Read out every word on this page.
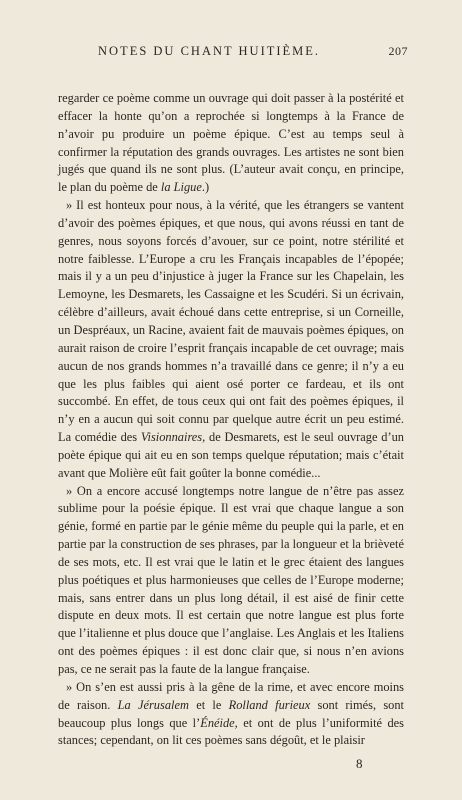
NOTES DU CHANT HUITIÈME.	207

regarder ce poème comme un ouvrage qui doit passer à la postérité et effacer la honte qu’on a reprochée si longtemps à la France de n’avoir pu produire un poème épique. C’est au temps seul à confirmer la réputation des grands ouvrages. Les artistes ne sont bien jugés que quand ils ne sont plus. (L’auteur avait conçu, en principe, le plan du poème de la Ligue.)

» Il est honteux pour nous, à la vérité, que les étrangers se vantent d’avoir des poèmes épiques, et que nous, qui avons réussi en tant de genres, nous soyons forcés d’avouer, sur ce point, notre stérilité et notre faiblesse. L’Europe a cru les Français incapables de l’épopée; mais il y a un peu d’injustice à juger la France sur les Chapelain, les Lemoyne, les Desmarets, les Cassaigne et les Scudéri. Si un écrivain, célèbre d’ailleurs, avait échoué dans cette entreprise, si un Corneille, un Despréaux, un Racine, avaient fait de mauvais poèmes épiques, on aurait raison de croire l’esprit français incapable de cet ouvrage; mais aucun de nos grands hommes n’a travaillé dans ce genre; il n’y a eu que les plus faibles qui aient osé porter ce fardeau, et ils ont succombé. En effet, de tous ceux qui ont fait des poèmes épiques, il n’y en a aucun qui soit connu par quelque autre écrit un peu estimé. La comédie des Visionnaires, de Desmarets, est le seul ouvrage d’un poète épique qui ait eu en son temps quelque réputation; mais c’était avant que Molière eût fait goûter la bonne comédie...

» On a encore accusé longtemps notre langue de n’être pas assez sublime pour la poésie épique. Il est vrai que chaque langue a son génie, formé en partie par le génie même du peuple qui la parle, et en partie par la construction de ses phrases, par la longueur et la brièveté de ses mots, etc. Il est vrai que le latin et le grec étaient des langues plus poétiques et plus harmonieuses que celles de l’Europe moderne; mais, sans entrer dans un plus long détail, il est aisé de finir cette dispute en deux mots. Il est certain que notre langue est plus forte que l’italienne et plus douce que l’anglaise. Les Anglais et les Italiens ont des poèmes épiques : il est donc clair que, si nous n’en avions pas, ce ne serait pas la faute de la langue française.

» On s’en est aussi pris à la gêne de la rime, et avec encore moins de raison. La Jérusalem et le Rolland furieux sont rimés, sont beaucoup plus longs que l’Énéide, et ont de plus l’uniformité des stances; cependant, on lit ces poèmes sans dégoût, et le plaisir

8
